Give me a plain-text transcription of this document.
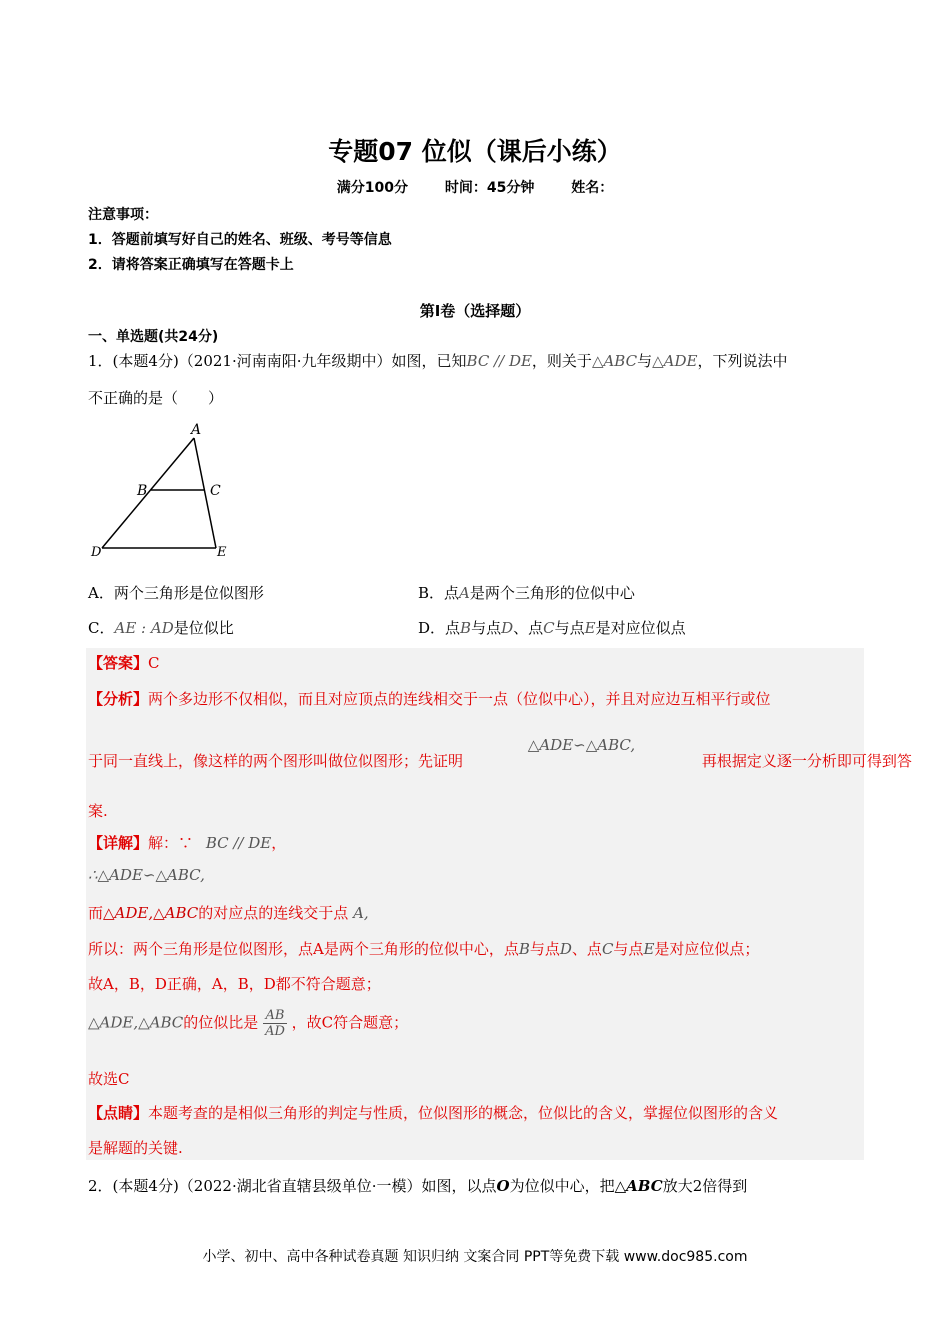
专题07 位似（课后小练）
满分100分	时间：45分钟	姓名：
注意事项：
1．答题前填写好自己的姓名、班级、考号等信息
2．请将答案正确填写在答题卡上
第I卷（选择题）
一、单选题(共24分)
1．(本题4分)（2021·河南南阳·九年级期中）如图，已知BC // DE，则关于△ABC与△ADE，下列说法中
不正确的是（　　）
A
B	C
D	E
A．两个三角形是位似图形	B．点A是两个三角形的位似中心
C．AE : AD是位似比	D．点B与点D、点C与点E是对应位似点
【答案】C
【分析】两个多边形不仅相似，而且对应顶点的连线相交于一点（位似中心），并且对应边互相平行或位
于同一直线上，像这样的两个图形叫做位似图形；先证明 △ADE∽△ABC, 再根据定义逐一分析即可得到答
案.
【详解】解：∵ BC // DE，
∴△ADE∽△ABC,
而△ADE,△ABC的对应点的连线交于点 A,
所以：两个三角形是位似图形，点A是两个三角形的位似中心，点B与点D、点C与点E是对应位似点；
故A，B，D正确，A，B，D都不符合题意；
△ADE,△ABC的位似比是 $\frac{AB}{AD}$ ，故C符合题意；
故选C
【点睛】本题考查的是相似三角形的判定与性质，位似图形的概念，位似比的含义，掌握位似图形的含义
是解题的关键.
2．(本题4分)（2022·湖北省直辖县级单位·一模）如图，以点O为位似中心，把△ABC放大2倍得到
小学、初中、高中各种试卷真题 知识归纳 文案合同 PPT等免费下载 www.doc985.com
